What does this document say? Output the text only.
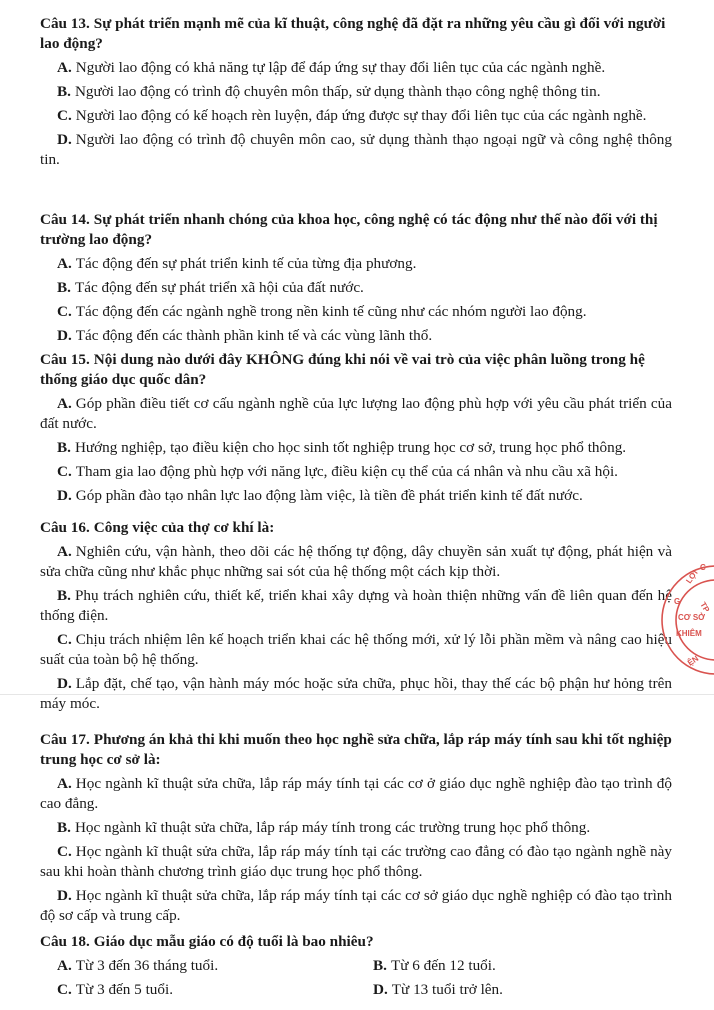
Câu 13. Sự phát triển mạnh mẽ của kĩ thuật, công nghệ đã đặt ra những yêu cầu gì đối với người lao động?

A. Người lao động có khả năng tự lập để đáp ứng sự thay đổi liên tục của các ngành nghề.

B. Người lao động có trình độ chuyên môn thấp, sử dụng thành thạo công nghệ thông tin.

C. Người lao động có kế hoạch rèn luyện, đáp ứng được sự thay đổi liên tục của các ngành nghề.

D. Người lao động có trình độ chuyên môn cao, sử dụng thành thạo ngoại ngữ và công nghệ thông tin.

Câu 14. Sự phát triển nhanh chóng của khoa học, công nghệ có tác động như thế nào đối với thị trường lao động?

A. Tác động đến sự phát triển kinh tế của từng địa phương.

B. Tác động đến sự phát triển xã hội của đất nước.

C. Tác động đến các ngành nghề trong nền kinh tế cũng như các nhóm người lao động.

D. Tác động đến các thành phần kinh tế và các vùng lãnh thổ.

Câu 15. Nội dung nào dưới đây KHÔNG đúng khi nói về vai trò của việc phân luồng trong hệ thống giáo dục quốc dân?

A. Góp phần điều tiết cơ cấu ngành nghề của lực lượng lao động phù hợp với yêu cầu phát triển của đất nước.

B. Hướng nghiệp, tạo điều kiện cho học sinh tốt nghiệp trung học cơ sở, trung học phổ thông.

C. Tham gia lao động phù hợp với năng lực, điều kiện cụ thể của cá nhân và nhu cầu xã hội.

D. Góp phần đào tạo nhân lực lao động làm việc, là tiền đề phát triển kinh tế đất nước.

Câu 16. Công việc của thợ cơ khí là:

A. Nghiên cứu, vận hành, theo dõi các hệ thống tự động, dây chuyền sản xuất tự động, phát hiện và sửa chữa cũng như khắc phục những sai sót của hệ thống một cách kịp thời.

B. Phụ trách nghiên cứu, thiết kế, triển khai xây dựng và hoàn thiện những vấn đề liên quan đến hệ thống điện.

C. Chịu trách nhiệm lên kế hoạch triển khai các hệ thống mới, xử lý lỗi phần mềm và nâng cao hiệu suất của toàn bộ hệ thống.

D. Lắp đặt, chế tạo, vận hành máy móc hoặc sửa chữa, phục hồi, thay thế các bộ phận hư hỏng trên máy móc.

Câu 17. Phương án khả thi khi muốn theo học nghề sửa chữa, lắp ráp máy tính sau khi tốt nghiệp trung học cơ sở là:

A. Học ngành kĩ thuật sửa chữa, lắp ráp máy tính tại các cơ ở giáo dục nghề nghiệp đào tạo trình độ cao đẳng.

B. Học ngành kĩ thuật sửa chữa, lắp ráp máy tính trong các trường trung học phổ thông.

C. Học ngành kĩ thuật sửa chữa, lắp ráp máy tính tại các trường cao đẳng có đào tạo ngành nghề này sau khi hoàn thành chương trình giáo dục trung học phổ thông.

D. Học ngành kĩ thuật sửa chữa, lắp ráp máy tính tại các cơ sở giáo dục nghề nghiệp có đào tạo trình độ sơ cấp và trung cấp.

Câu 18. Giáo dục mẫu giáo có độ tuổi là bao nhiêu?

A. Từ 3 đến 36 tháng tuổi.	B. Từ 6 đến 12 tuổi.
C. Từ 3 đến 5 tuổi.	D. Từ 13 tuổi trở lên.
C
LỢI
TP
G
CƠ SỞ
KHIÊM
ỆN
